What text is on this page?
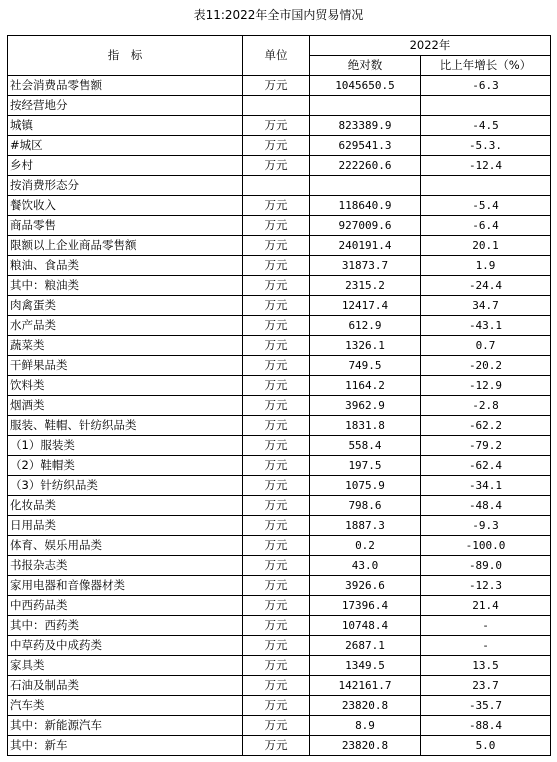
表11:2022年全市国内贸易情况
指　标	单位	2022年	
		绝对数	比上年增长（%）
社会消费品零售额	万元	1045650.5	-6.3
按经营地分			
城镇	万元	823389.9	-4.5
#城区	万元	629541.3	-5.3.
乡村	万元	222260.6	-12.4
按消费形态分			
餐饮收入	万元	118640.9	-5.4
商品零售	万元	927009.6	-6.4
限额以上企业商品零售额	万元	240191.4	20.1
粮油、食品类	万元	31873.7	1.9
其中：粮油类	万元	2315.2	-24.4
肉禽蛋类	万元	12417.4	34.7
水产品类	万元	612.9	-43.1
蔬菜类	万元	1326.1	0.7
干鲜果品类	万元	749.5	-20.2
饮料类	万元	1164.2	-12.9
烟酒类	万元	3962.9	-2.8
服装、鞋帽、针纺织品类	万元	1831.8	-62.2
（1）服装类	万元	558.4	-79.2
（2）鞋帽类	万元	197.5	-62.4
（3）针纺织品类	万元	1075.9	-34.1
化妆品类	万元	798.6	-48.4
日用品类	万元	1887.3	-9.3
体育、娱乐用品类	万元	0.2	-100.0
书报杂志类	万元	43.0	-89.0
家用电器和音像器材类	万元	3926.6	-12.3
中西药品类	万元	17396.4	21.4
其中：西药类	万元	10748.4	-
中草药及中成药类	万元	2687.1	-
家具类	万元	1349.5	13.5
石油及制品类	万元	142161.7	23.7
汽车类	万元	23820.8	-35.7
其中：新能源汽车	万元	8.9	-88.4
其中：新车	万元	23820.8	5.0
